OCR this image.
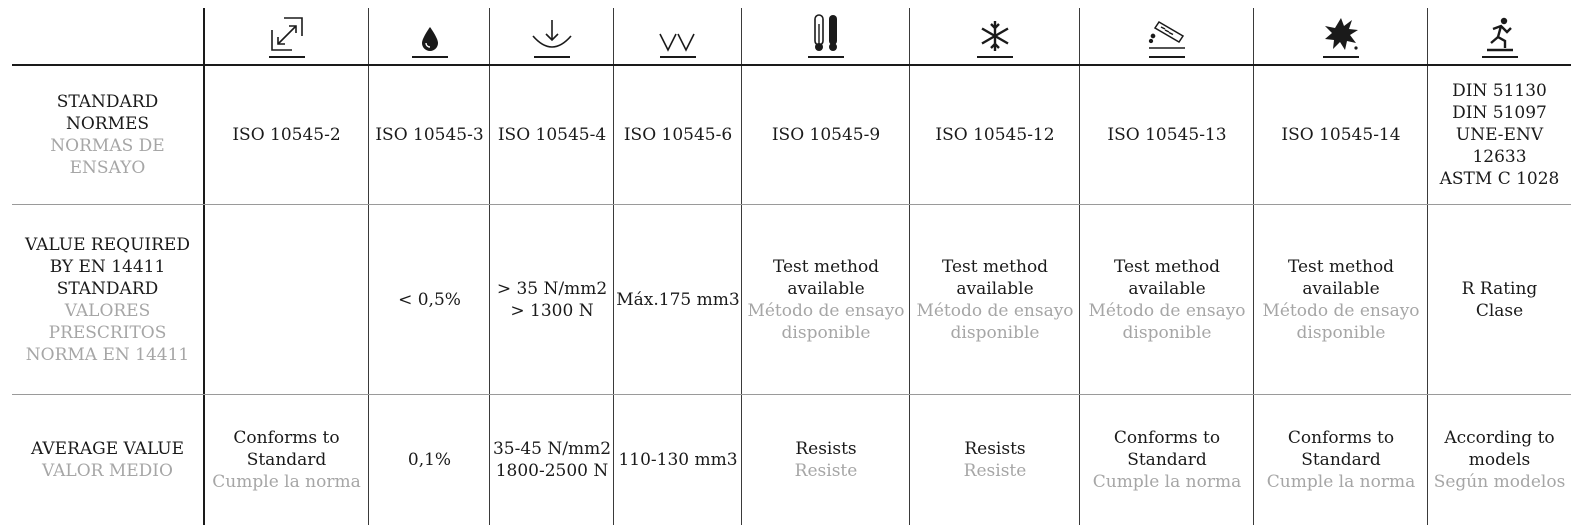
STANDARD
NORMES
NORMAS DE
ENSAYO
VALUE REQUIRED
BY EN 14411
STANDARD
VALORES
PRESCRITOS
NORMA EN 14411
AVERAGE VALUE
VALOR MEDIO
ISO 10545-2
Conforms to
Standard
Cumple la norma
ISO 10545-3
< 0,5%
0,1%
ISO 10545-4
> 35 N/mm2
> 1300 N
35-45 N/mm2
1800-2500 N
ISO 10545-6
Máx.175 mm3
110-130 mm3
ISO 10545-9
Test method
available
Método de ensayo
disponible
Resists
Resiste
ISO 10545-12
Test method
available
Método de ensayo
disponible
Resists
Resiste
ISO 10545-13
Test method
available
Método de ensayo
disponible
Conforms to
Standard
Cumple la norma
ISO 10545-14
Test method
available
Método de ensayo
disponible
Conforms to
Standard
Cumple la norma
DIN 51130
DIN 51097
UNE-ENV 12633
ASTM C 1028
R Rating
Clase
According to
models
Según modelos
